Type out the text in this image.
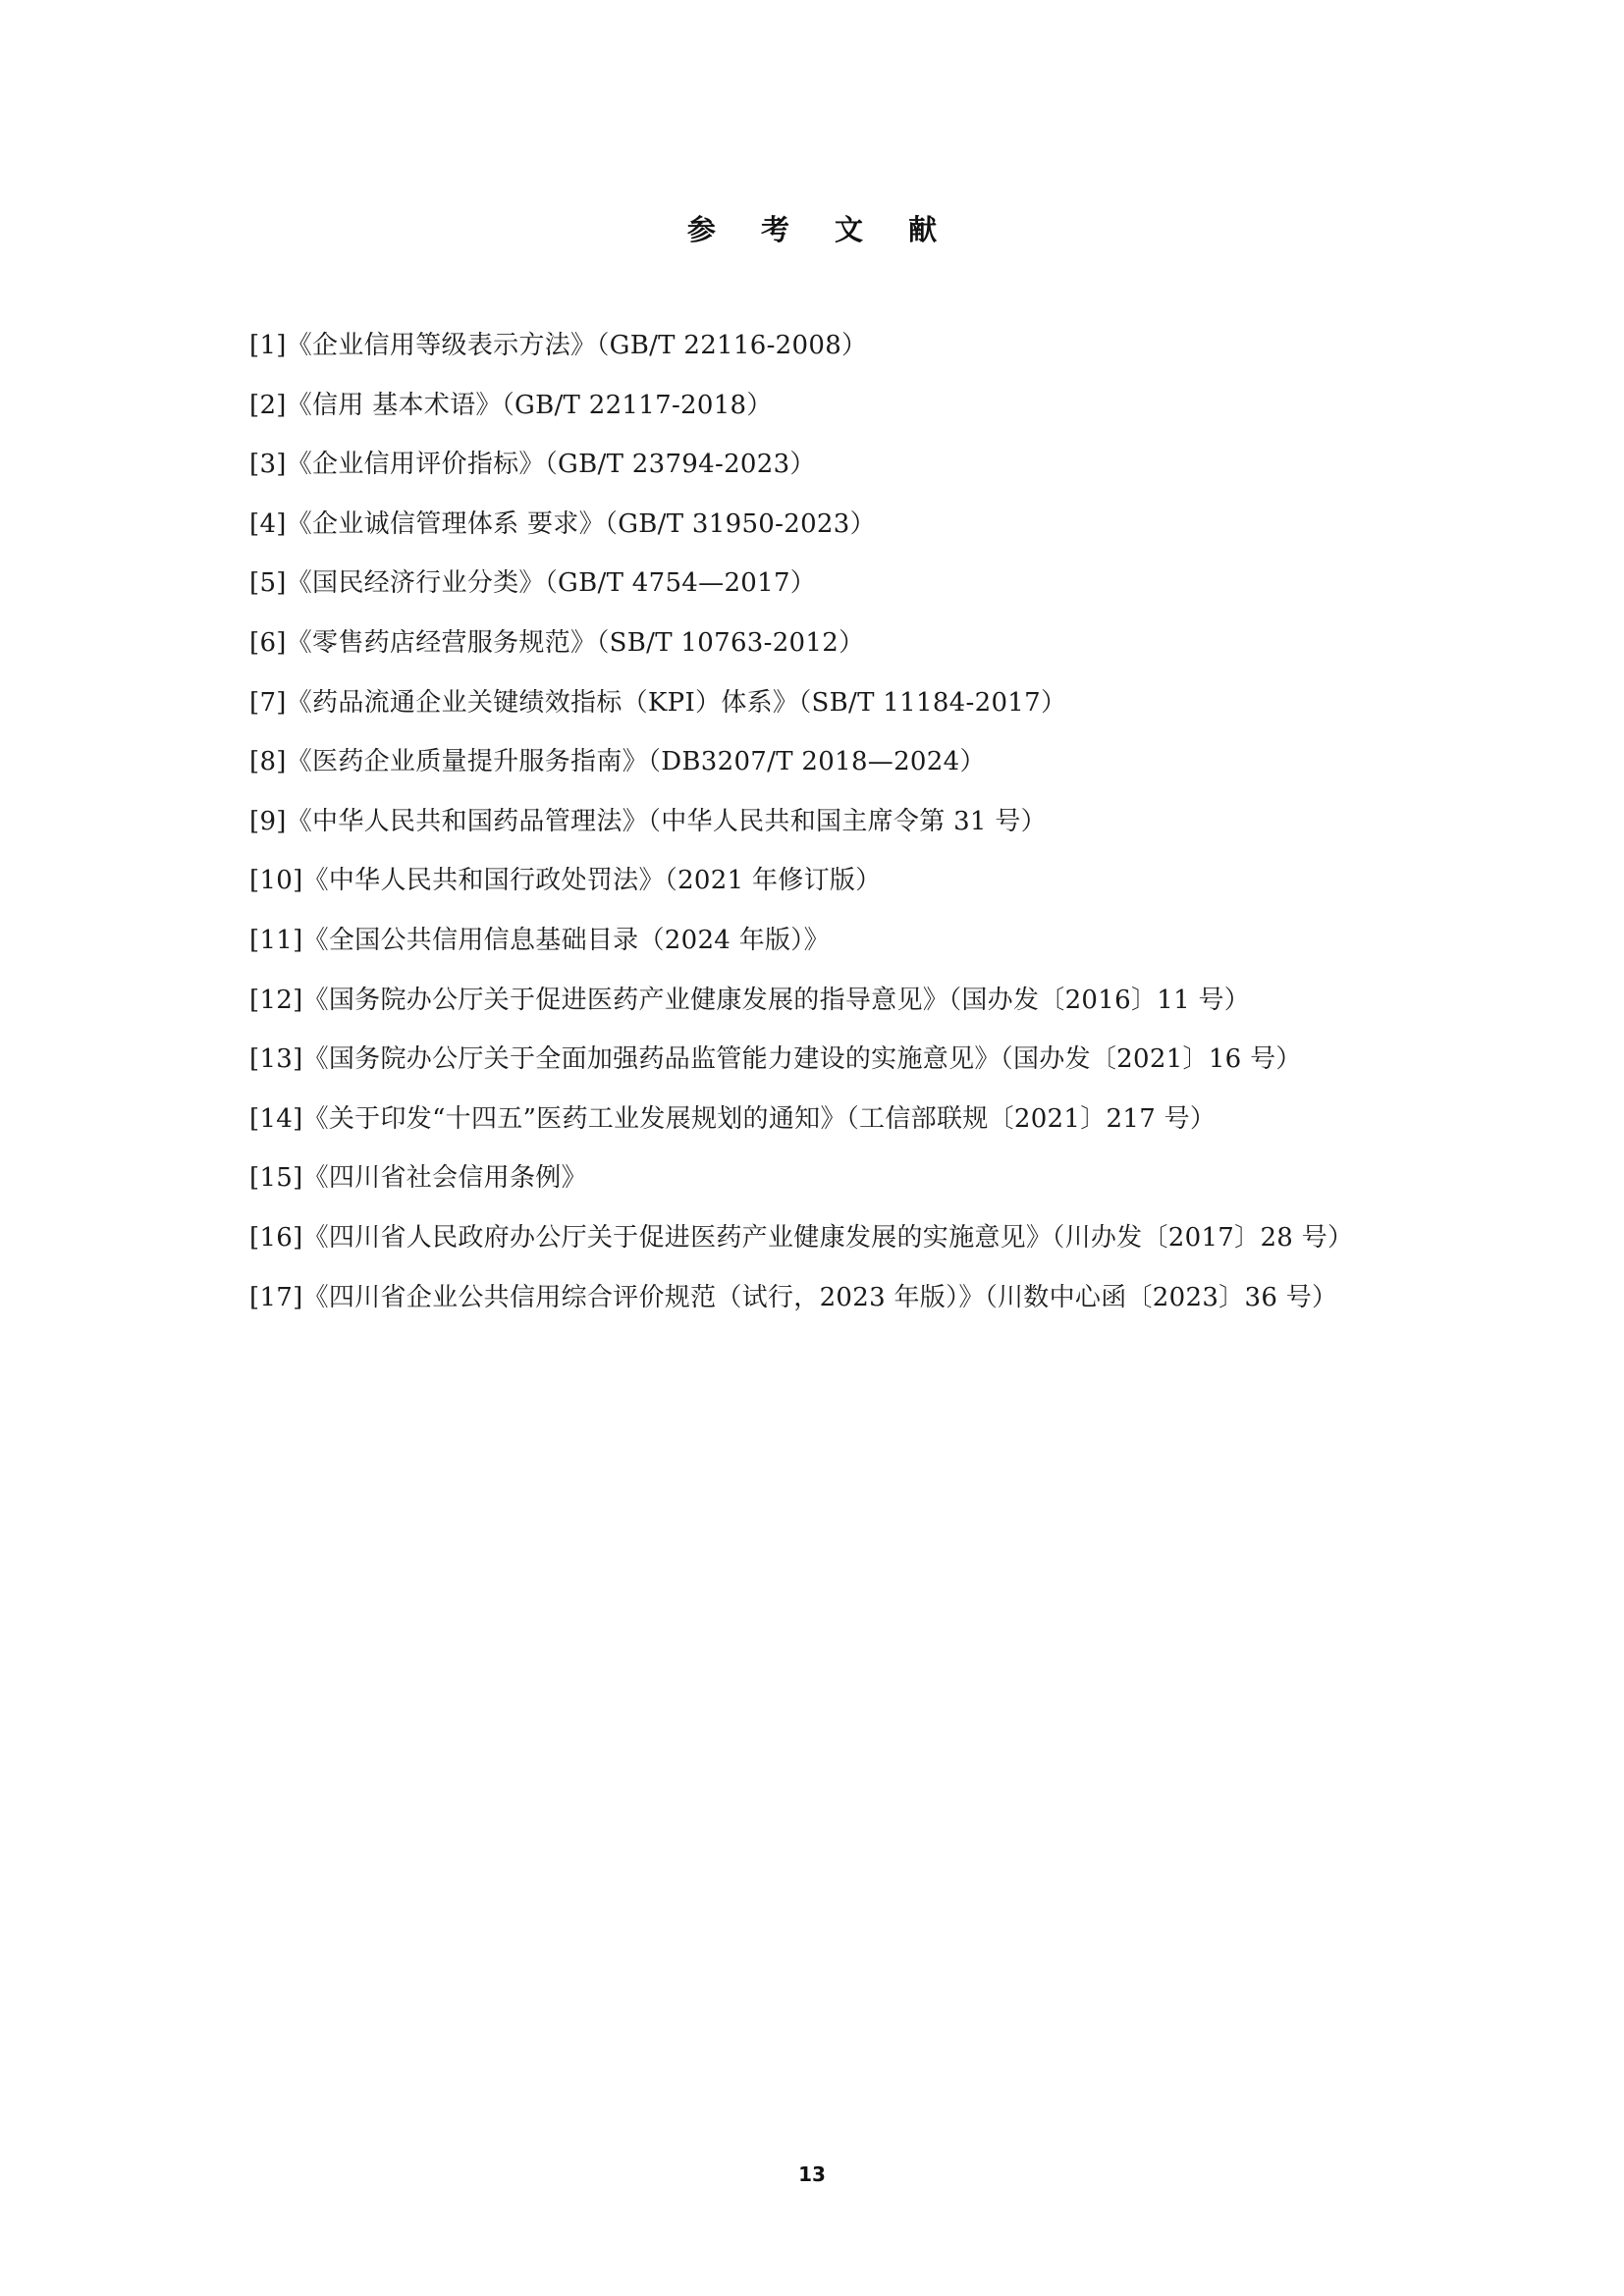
参 考 文 献
[1]《企业信用等级表示方法》（GB/T 22116-2008）
[2]《信用 基本术语》（GB/T 22117-2018）
[3]《企业信用评价指标》（GB/T 23794-2023）
[4]《企业诚信管理体系 要求》（GB/T 31950-2023）
[5]《国民经济行业分类》（GB/T 4754—2017）
[6]《零售药店经营服务规范》（SB/T 10763-2012）
[7]《药品流通企业关键绩效指标（KPI）体系》（SB/T 11184-2017）
[8]《医药企业质量提升服务指南》（DB3207/T 2018—2024）
[9]《中华人民共和国药品管理法》（中华人民共和国主席令第 31 号）
[10]《中华人民共和国行政处罚法》（2021 年修订版）
[11]《全国公共信用信息基础目录（2024 年版）》
[12]《国务院办公厅关于促进医药产业健康发展的指导意见》（国办发〔2016〕11 号）
[13]《国务院办公厅关于全面加强药品监管能力建设的实施意见》（国办发〔2021〕16 号）
[14]《关于印发“十四五”医药工业发展规划的通知》（工信部联规〔2021〕217 号）
[15]《四川省社会信用条例》
[16]《四川省人民政府办公厅关于促进医药产业健康发展的实施意见》（川办发〔2017〕28 号）
[17]《四川省企业公共信用综合评价规范（试行，2023 年版）》（川数中心函〔2023〕36 号）
13
